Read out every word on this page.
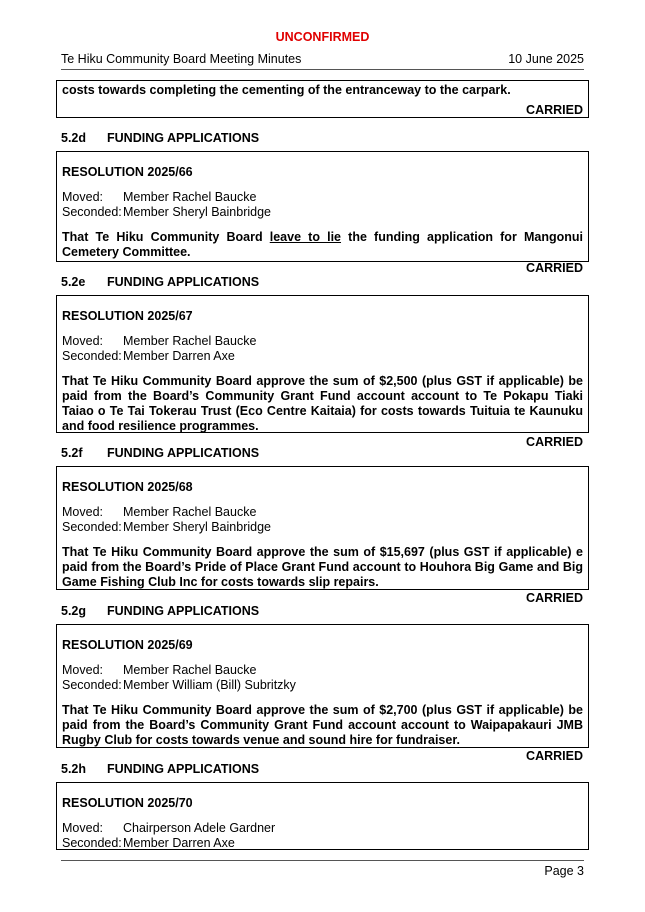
UNCONFIRMED
Te Hiku Community Board Meeting Minutes	10 June 2025
costs towards completing the cementing of the entranceway to the carpark.
CARRIED
5.2d FUNDING APPLICATIONS
RESOLUTION 2025/66
Moved:	Member Rachel Baucke
Seconded: Member Sheryl Bainbridge
That Te Hiku Community Board leave to lie the funding application for Mangonui Cemetery Committee.
CARRIED
5.2e FUNDING APPLICATIONS
RESOLUTION 2025/67
Moved:	Member Rachel Baucke
Seconded: Member Darren Axe
That Te Hiku Community Board approve the sum of $2,500 (plus GST if applicable) be paid from the Board’s Community Grant Fund account account to Te Pokapu Tiaki Taiao o Te Tai Tokerau Trust (Eco Centre Kaitaia) for costs towards Tuituia te Kaunuku and food resilience programmes.
CARRIED
5.2f FUNDING APPLICATIONS
RESOLUTION 2025/68
Moved:	Member Rachel Baucke
Seconded: Member Sheryl Bainbridge
That Te Hiku Community Board approve the sum of $15,697 (plus GST if applicable) e paid from the Board’s Pride of Place Grant Fund account to Houhora Big Game and Big Game Fishing Club Inc for costs towards slip repairs.
CARRIED
5.2g FUNDING APPLICATIONS
RESOLUTION 2025/69
Moved:	Member Rachel Baucke
Seconded: Member William (Bill) Subritzky
That Te Hiku Community Board approve the sum of $2,700 (plus GST if applicable) be paid from the Board’s Community Grant Fund account account to Waipapakauri JMB Rugby Club for costs towards venue and sound hire for fundraiser.
CARRIED
5.2h FUNDING APPLICATIONS
RESOLUTION 2025/70
Moved:	Chairperson Adele Gardner
Seconded: Member Darren Axe
Page 3
